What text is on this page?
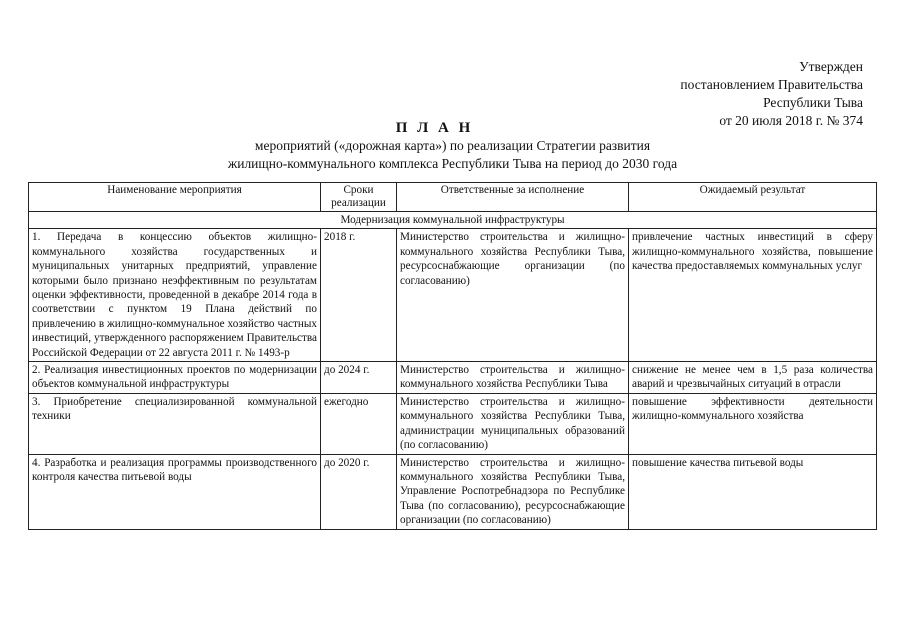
Утвержден
постановлением Правительства
Республики Тыва
от 20 июля 2018 г. № 374
П Л А Н
мероприятий («дорожная карта») по реализации Стратегии развития
жилищно-коммунального комплекса Республики Тыва на период до 2030 года
Наименование мероприятия	Сроки реализации	Ответственные за исполнение	Ожидаемый результат
Модернизация коммунальной инфраструктуры			
1. Передача в концессию объектов жилищно-коммунального хозяйства государственных и муниципальных унитарных предприятий, управление которыми было признано неэффективным по результатам оценки эффективности, проведенной в декабре 2014 года в соответствии с пунктом 19 Плана действий по привлечению в жилищно-коммунальное хозяйство частных инвестиций, утвержденного распоряжением Правительства Российской Федерации от 22 августа 2011 г. № 1493-р	2018 г.	Министерство строительства и жилищно-коммунального хозяйства Республики Тыва, ресурсоснабжающие организации (по согласованию)	привлечение частных инвестиций в сферу жилищно-коммунального хозяйства, повышение качества предоставляемых коммунальных услуг
2. Реализация инвестиционных проектов по модернизации объектов коммунальной инфраструктуры	до 2024 г.	Министерство строительства и жилищно-коммунального хозяйства Республики Тыва	снижение не менее чем в 1,5 раза количества аварий и чрезвычайных ситуаций в отрасли
3. Приобретение специализированной коммунальной техники	ежегодно	Министерство строительства и жилищно-коммунального хозяйства Республики Тыва, администрации муниципальных образований (по согласованию)	повышение эффективности деятельности жилищно-коммунального хозяйства
4. Разработка и реализация программы производственного контроля качества питьевой воды	до 2020 г.	Министерство строительства и жилищно-коммунального хозяйства Республики Тыва, Управление Роспотребнадзора по Республике Тыва (по согласованию), ресурсоснабжающие организации (по согласованию)	повышение качества питьевой воды
